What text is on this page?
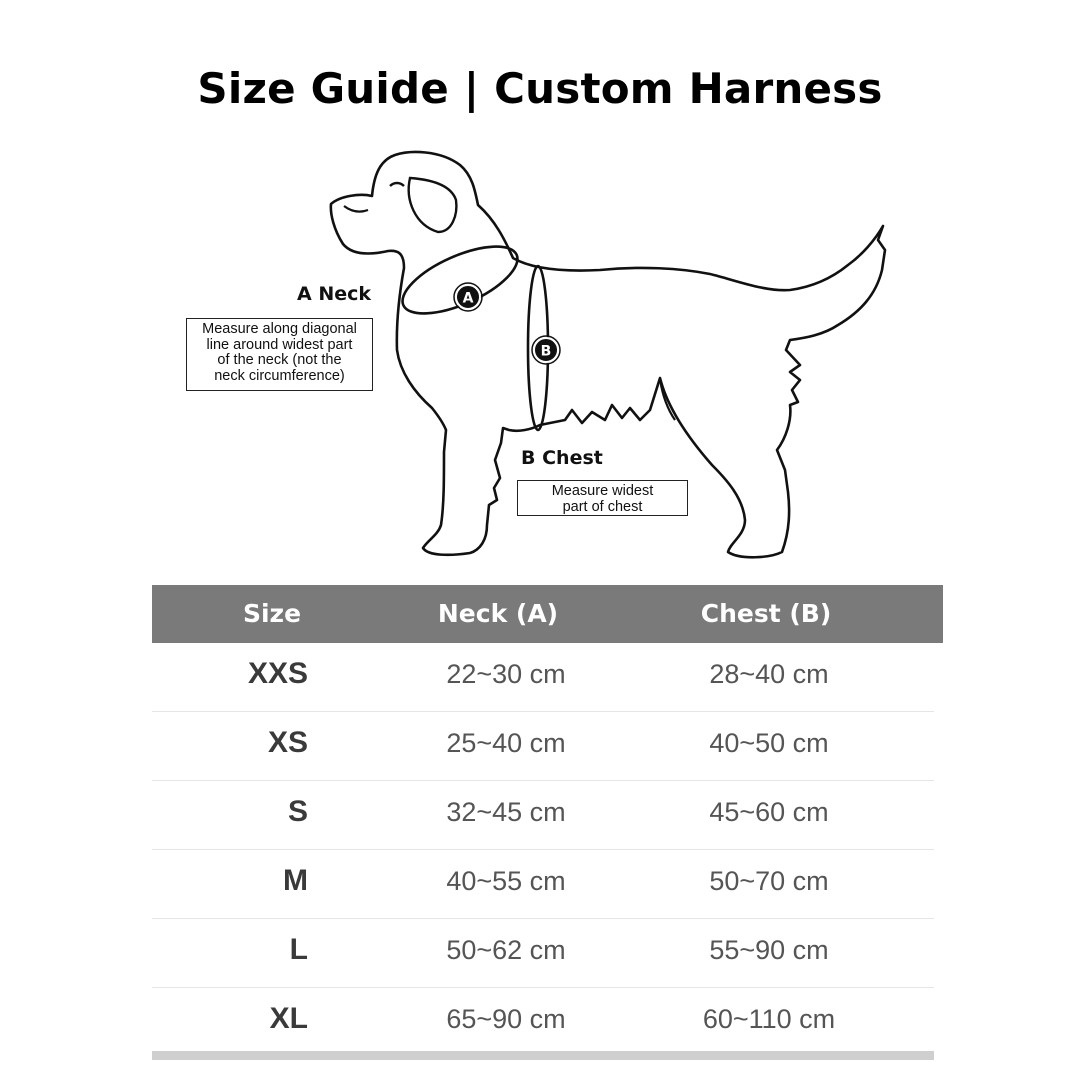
Size Guide | Custom Harness
A
B
A Neck
Measure along diagonal
line around widest part
of the neck (not the
neck circumference)
B Chest
Measure widest
part of chest
Size	Neck (A)	Chest (B)
XXS	22~30 cm	28~40 cm
XS	25~40 cm	40~50 cm
S	32~45 cm	45~60 cm
M	40~55 cm	50~70 cm
L	50~62 cm	55~90 cm
XL	65~90 cm	60~110 cm
